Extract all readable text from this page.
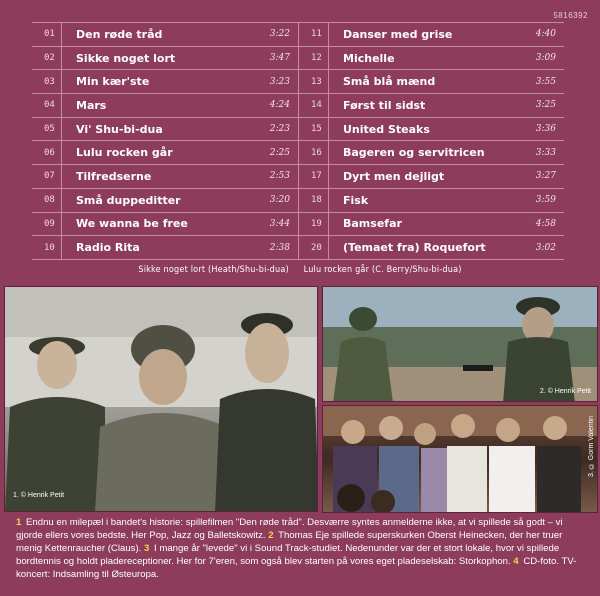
5816392
01	Den røde tråd	3:22
02	Sikke noget lort	3:47
03	Min kær'ste	3:23
04	Mars	4:24
05	Vi' Shu-bi-dua	2:23
06	Lulu rocken går	2:25
07	Tilfredserne	2:53
08	Små duppeditter	3:20
09	We wanna be free	3:44
10	Radio Rita	2:38
11	Danser med grise	4:40
12	Michelle	3:09
13	Små blå mænd	3:55
14	Først til sidst	3:25
15	United Steaks	3:36
16	Bageren og servitricen	3:33
17	Dyrt men dejligt	3:27
18	Fisk	3:59
19	Bamsefar	4:58
20	(Temaet fra) Roquefort	3:02
Sikke noget lort (Heath/Shu-bi-dua) Lulu rocken går (C. Berry/Shu-bi-dua)
1. © Henrik Petit
2. © Henrik Petit
3. © Gorm Valentin
1 Endnu en milepæl i bandet's historie: spillefilmen "Den røde tråd". Desværre syntes anmelderne ikke, at vi spillede så godt – vi gjorde ellers vores bedste. Her Pop, Jazz og Balletskowitz. 2 Thomas Eje spillede superskurken Oberst Heinecken, der her truer menig Kettenraucher (Claus). 3 I mange år "levede" vi i Sound Track-studiet. Nedenunder var der et stort lokale, hvor vi spillede bordtennis og holdt pladereceptioner. Her for 7'eren, som også blev starten på vores eget pladeselskab: Storkophon. 4 CD-foto. TV-koncert: Indsamling til Østeuropa.
